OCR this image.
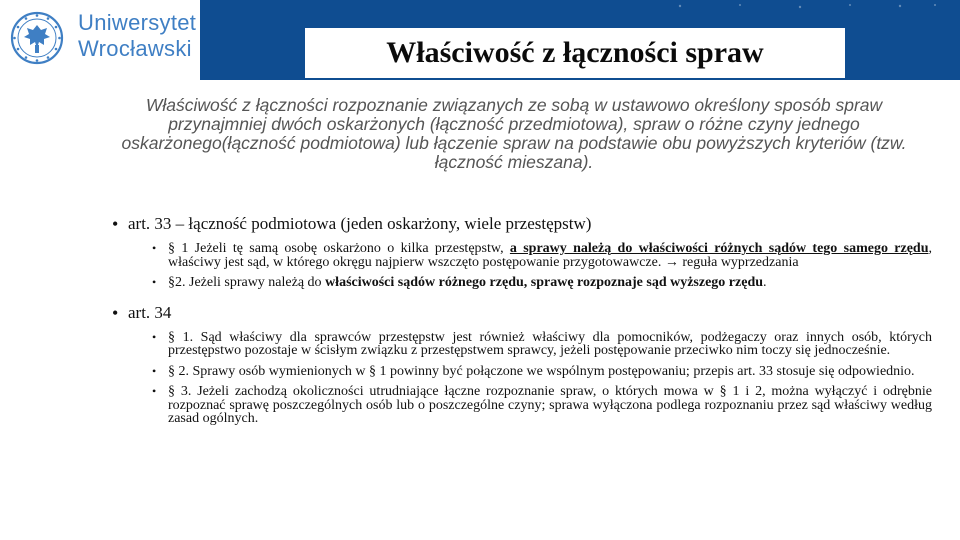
Uniwersytet
Wrocławski	Właściwość z łączności spraw

Właściwość z łączności rozpoznanie związanych ze sobą w ustawowo określony sposób spraw przynajmniej dwóch oskarżonych (łączność przedmiotowa), spraw o różne czyny jednego oskarżonego(łączność podmiotowa) lub łączenie spraw na podstawie obu powyższych kryteriów (tzw. łączność mieszana).

• art. 33 – łączność podmiotowa (jeden oskarżony, wiele przestępstw)
• § 1 Jeżeli tę samą osobę oskarżono o kilka przestępstw, a sprawy należą do właściwości różnych sądów tego samego rzędu, właściwy jest sąd, w którego okręgu najpierw wszczęto postępowanie przygotowawcze. → reguła wyprzedzania
• §2. Jeżeli sprawy należą do właściwości sądów różnego rzędu, sprawę rozpoznaje sąd wyższego rzędu.
• art. 34
• § 1. Sąd właściwy dla sprawców przestępstw jest również właściwy dla pomocników, podżegaczy oraz innych osób, których przestępstwo pozostaje w ścisłym związku z przestępstwem sprawcy, jeżeli postępowanie przeciwko nim toczy się jednocześnie.
• § 2. Sprawy osób wymienionych w § 1 powinny być połączone we wspólnym postępowaniu; przepis art. 33 stosuje się odpowiednio.
• § 3. Jeżeli zachodzą okoliczności utrudniające łączne rozpoznanie spraw, o których mowa w § 1 i 2, można wyłączyć i odrębnie rozpoznać sprawę poszczególnych osób lub o poszczególne czyny; sprawa wyłączona podlega rozpoznaniu przez sąd właściwy według zasad ogólnych.
